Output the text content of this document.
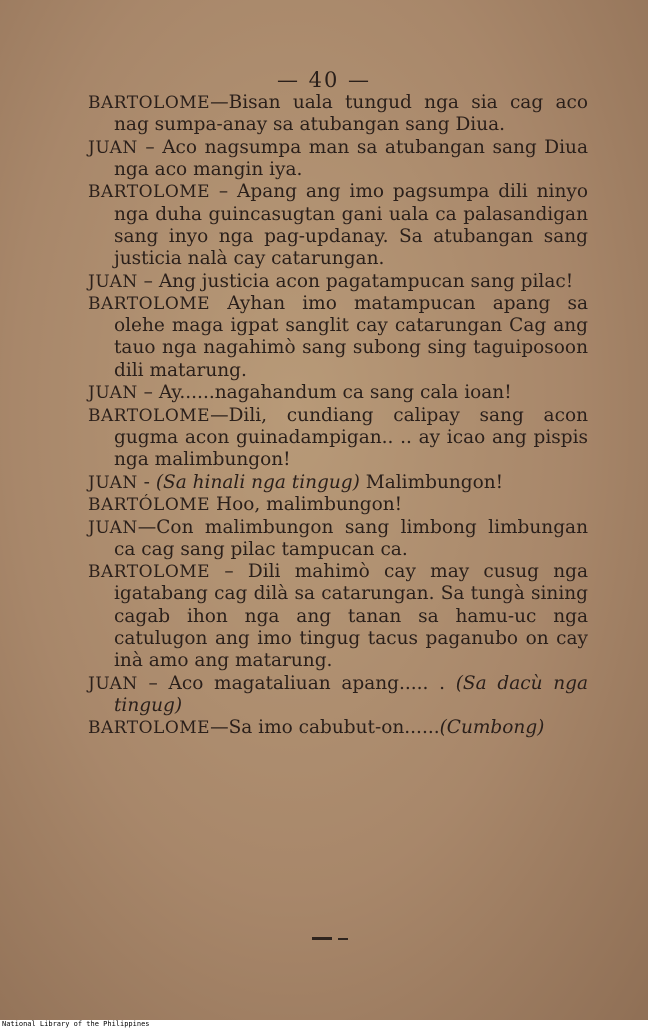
— 40 —

BARTOLOME—Bisan uala tungud nga sia cag aco nag sumpa-anay sa atubangan sang Diua.

JUAN – Aco nagsumpa man sa atubangan sang Diua nga aco mangin iya.

BARTOLOME – Apang ang imo pagsumpa dili ninyo nga duha guincasugtan gani uala ca palasandigan sang inyo nga pag-updanay. Sa atubangan sang justicia nalà cay catarungan.

JUAN – Ang justicia acon pagatampucan sang pilac!

BARTOLOME Ayhan imo matampucan apang sa olehe maga igpat sanglit cay catarungan Cag ang tauo nga nagahimò sang subong sing taguiposoon dili matarung.

JUAN – Ay......nagahandum ca sang cala ioan!

BARTOLOME—Dili, cundiang calipay sang acon gugma acon guinadampigan.. .. ay icao ang pispis nga malimbungon!

JUAN - (Sa hinali nga tingug) Malimbungon!

BARTÓLOME Hoo, malimbungon!

JUAN—Con malimbungon sang limbong limbungan ca cag sang pilac tampucan ca.

BARTOLOME – Dili mahimò cay may cusug nga igatabang cag dilà sa catarungan. Sa tungà sining cagab ihon nga ang tanan sa hamu-uc nga catulugon ang imo tingug tacus paganubo on cay inà amo ang matarung.

JUAN – Aco magataliuan apang..... . (Sa dacù nga tingug)

BARTOLOME—Sa imo cabubut-on......(Cumbong)

National Library of the Philippines
